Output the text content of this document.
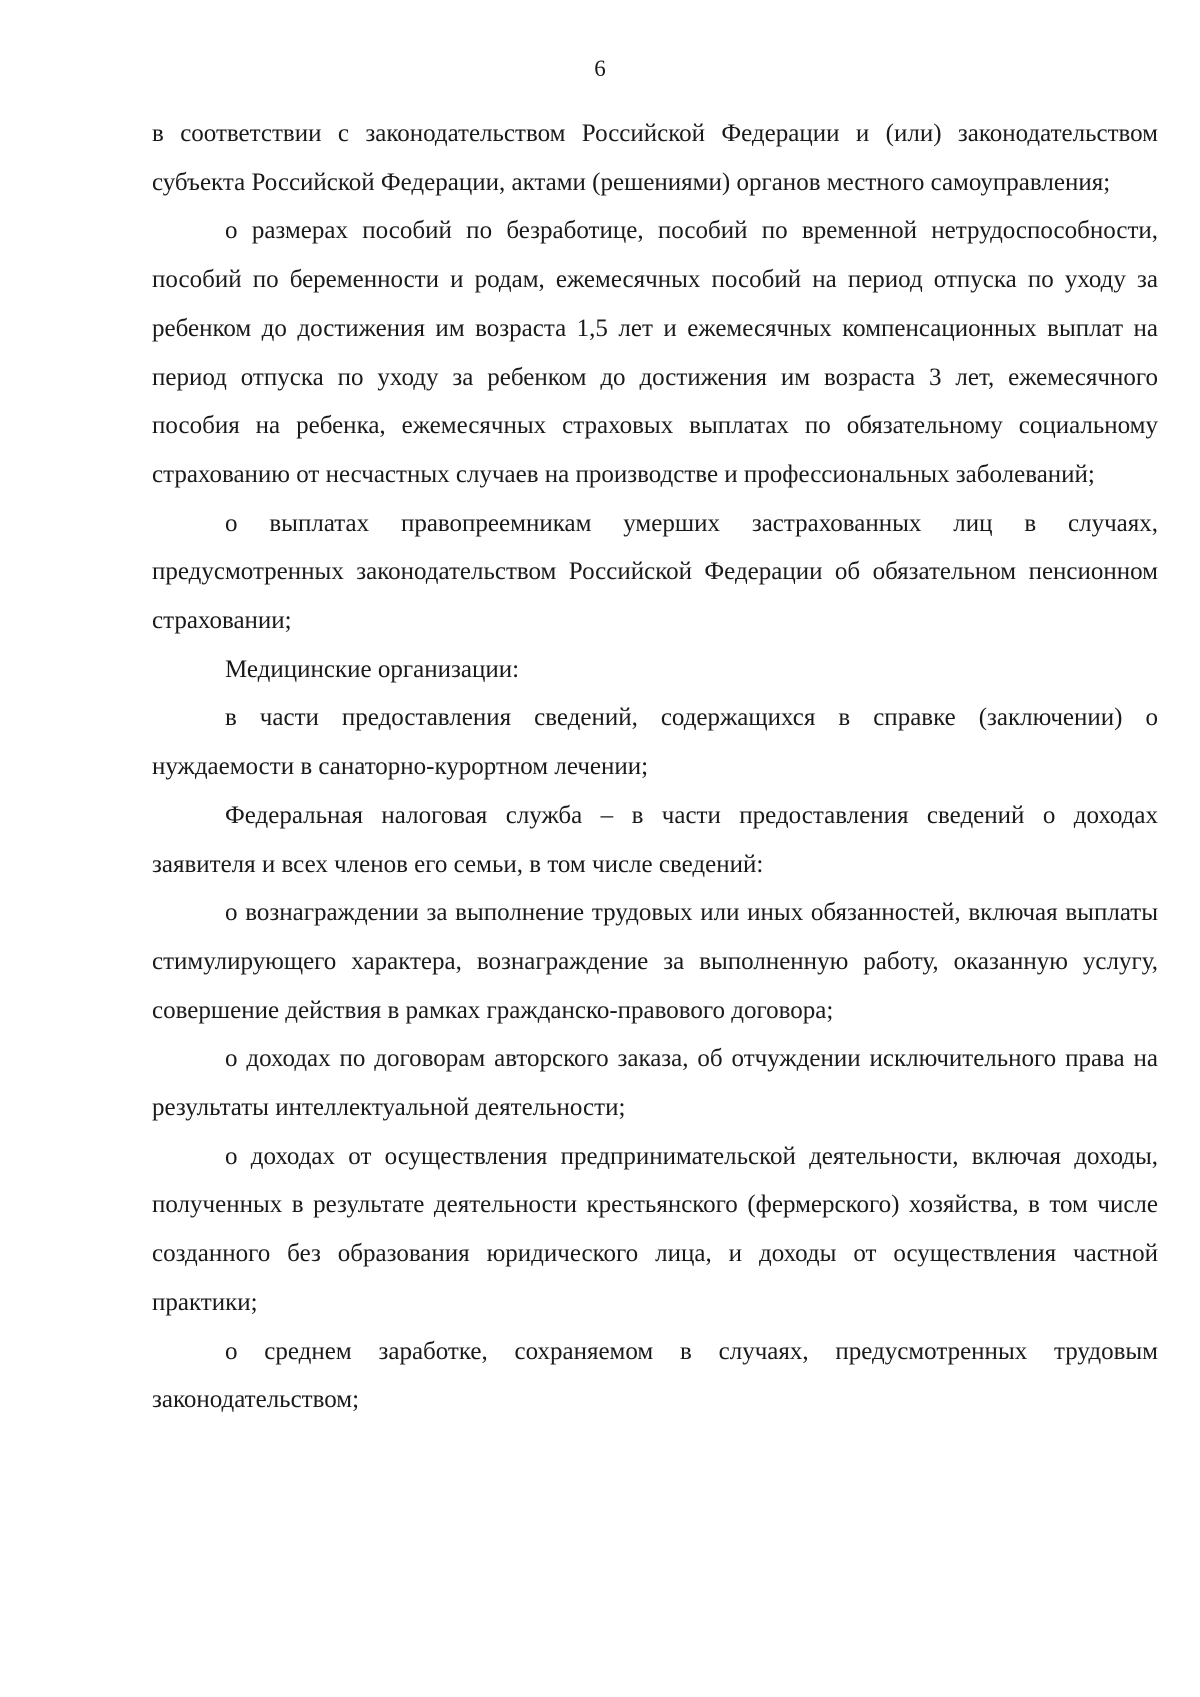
6

в соответствии с законодательством Российской Федерации и (или) законодательством субъекта Российской Федерации, актами (решениями) органов местного самоуправления;

о размерах пособий по безработице, пособий по временной нетрудоспособности, пособий по беременности и родам, ежемесячных пособий на период отпуска по уходу за ребенком до достижения им возраста 1,5 лет и ежемесячных компенсационных выплат на период отпуска по уходу за ребенком до достижения им возраста 3 лет, ежемесячного пособия на ребенка, ежемесячных страховых выплатах по обязательному социальному страхованию от несчастных случаев на производстве и профессиональных заболеваний;

о выплатах правопреемникам умерших застрахованных лиц в случаях, предусмотренных законодательством Российской Федерации об обязательном пенсионном страховании;

Медицинские организации:

в части предоставления сведений, содержащихся в справке (заключении) о нуждаемости в санаторно-курортном лечении;

Федеральная налоговая служба – в части предоставления сведений о доходах заявителя и всех членов его семьи, в том числе сведений:

о вознаграждении за выполнение трудовых или иных обязанностей, включая выплаты стимулирующего характера, вознаграждение за выполненную работу, оказанную услугу, совершение действия в рамках гражданско-правового договора;

о доходах по договорам авторского заказа, об отчуждении исключительного права на результаты интеллектуальной деятельности;

о доходах от осуществления предпринимательской деятельности, включая доходы, полученных в результате деятельности крестьянского (фермерского) хозяйства, в том числе созданного без образования юридического лица, и доходы от осуществления частной практики;

о среднем заработке, сохраняемом в случаях, предусмотренных трудовым законодательством;
